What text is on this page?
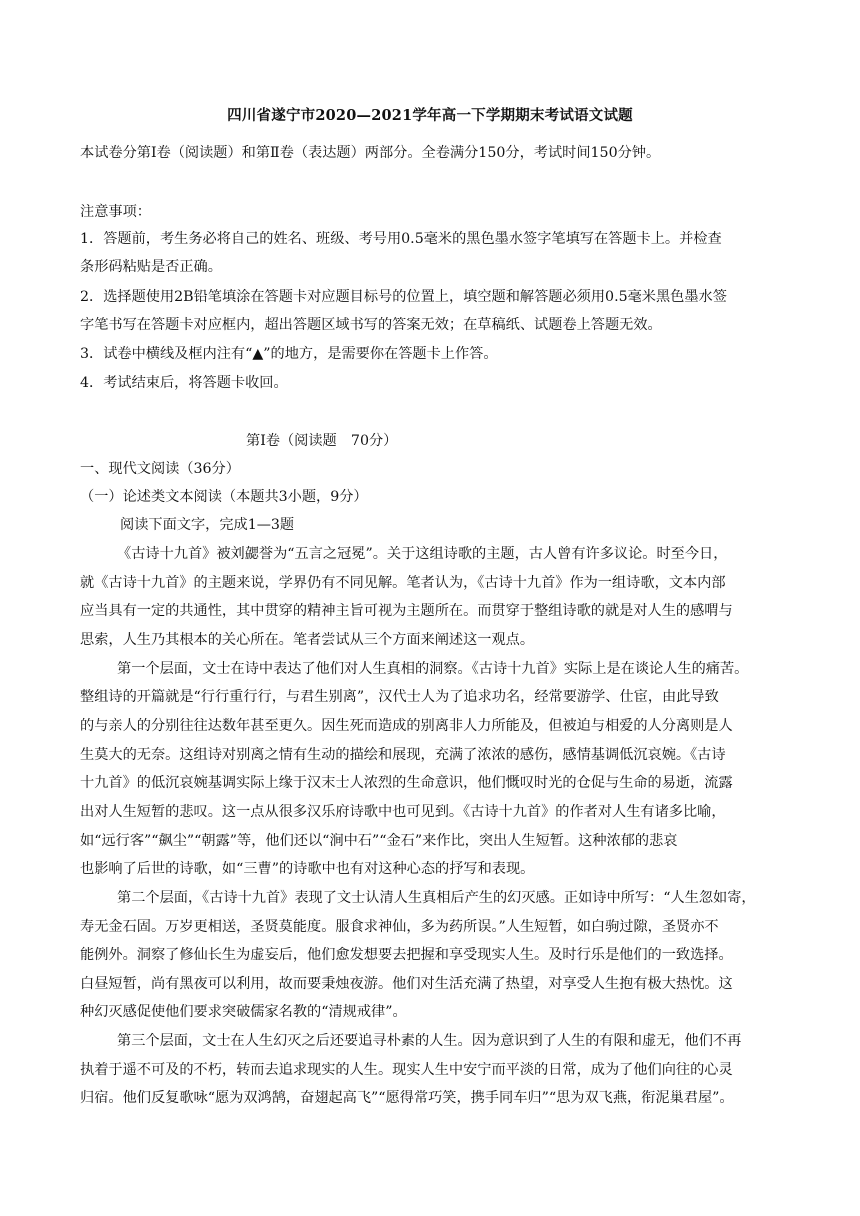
四川省遂宁市2020—2021学年高一下学期期末考试语文试题
本试卷分第Ⅰ卷（阅读题）和第Ⅱ卷（表达题）两部分。全卷满分150分，考试时间150分钟。
注意事项：
1．答题前，考生务必将自己的姓名、班级、考号用0.5毫米的黑色墨水签字笔填写在答题卡上。并检查
条形码粘贴是否正确。
2．选择题使用2B铅笔填涂在答题卡对应题目标号的位置上，填空题和解答题必须用0.5毫米黑色墨水签
字笔书写在答题卡对应框内，超出答题区域书写的答案无效；在草稿纸、试题卷上答题无效。
3．试卷中横线及框内注有“▲”的地方，是需要你在答题卡上作答。
4．考试结束后，将答题卡收回。
第Ⅰ卷（阅读题　70分）
一、现代文阅读（36分）
（一）论述类文本阅读（本题共3小题，9分）
阅读下面文字，完成1—3题
《古诗十九首》被刘勰誉为“五言之冠冕”。关于这组诗歌的主题，古人曾有许多议论。时至今日，
就《古诗十九首》的主题来说，学界仍有不同见解。笔者认为，《古诗十九首》作为一组诗歌，文本内部
应当具有一定的共通性，其中贯穿的精神主旨可视为主题所在。而贯穿于整组诗歌的就是对人生的感喟与
思索，人生乃其根本的关心所在。笔者尝试从三个方面来阐述这一观点。
第一个层面，文士在诗中表达了他们对人生真相的洞察。《古诗十九首》实际上是在谈论人生的痛苦。
整组诗的开篇就是“行行重行行，与君生别离”，汉代士人为了追求功名，经常要游学、仕宦，由此导致
的与亲人的分别往往达数年甚至更久。因生死而造成的别离非人力所能及，但被迫与相爱的人分离则是人
生莫大的无奈。这组诗对别离之情有生动的描绘和展现，充满了浓浓的感伤，感情基调低沉哀婉。《古诗
十九首》的低沉哀婉基调实际上缘于汉末士人浓烈的生命意识，他们慨叹时光的仓促与生命的易逝，流露
出对人生短暂的悲叹。这一点从很多汉乐府诗歌中也可见到。《古诗十九首》的作者对人生有诸多比喻，
如“远行客”“飙尘”“朝露”等，他们还以“涧中石”“金石”来作比，突出人生短暂。这种浓郁的悲哀
也影响了后世的诗歌，如“三曹”的诗歌中也有对这种心态的抒写和表现。
第二个层面，《古诗十九首》表现了文士认清人生真相后产生的幻灭感。正如诗中所写：“人生忽如寄，
寿无金石固。万岁更相送，圣贤莫能度。服食求神仙，多为药所误。”人生短暂，如白驹过隙，圣贤亦不
能例外。洞察了修仙长生为虚妄后，他们愈发想要去把握和享受现实人生。及时行乐是他们的一致选择。
白昼短暂，尚有黑夜可以利用，故而要秉烛夜游。他们对生活充满了热望，对享受人生抱有极大热忱。这
种幻灭感促使他们要求突破儒家名教的“清规戒律”。
第三个层面，文士在人生幻灭之后还要追寻朴素的人生。因为意识到了人生的有限和虚无，他们不再
执着于遥不可及的不朽，转而去追求现实的人生。现实人生中安宁而平淡的日常，成为了他们向往的心灵
归宿。他们反复歌咏“愿为双鸿鹄，奋翅起高飞”“愿得常巧笑，携手同车归”“思为双飞燕，衔泥巢君屋”。
